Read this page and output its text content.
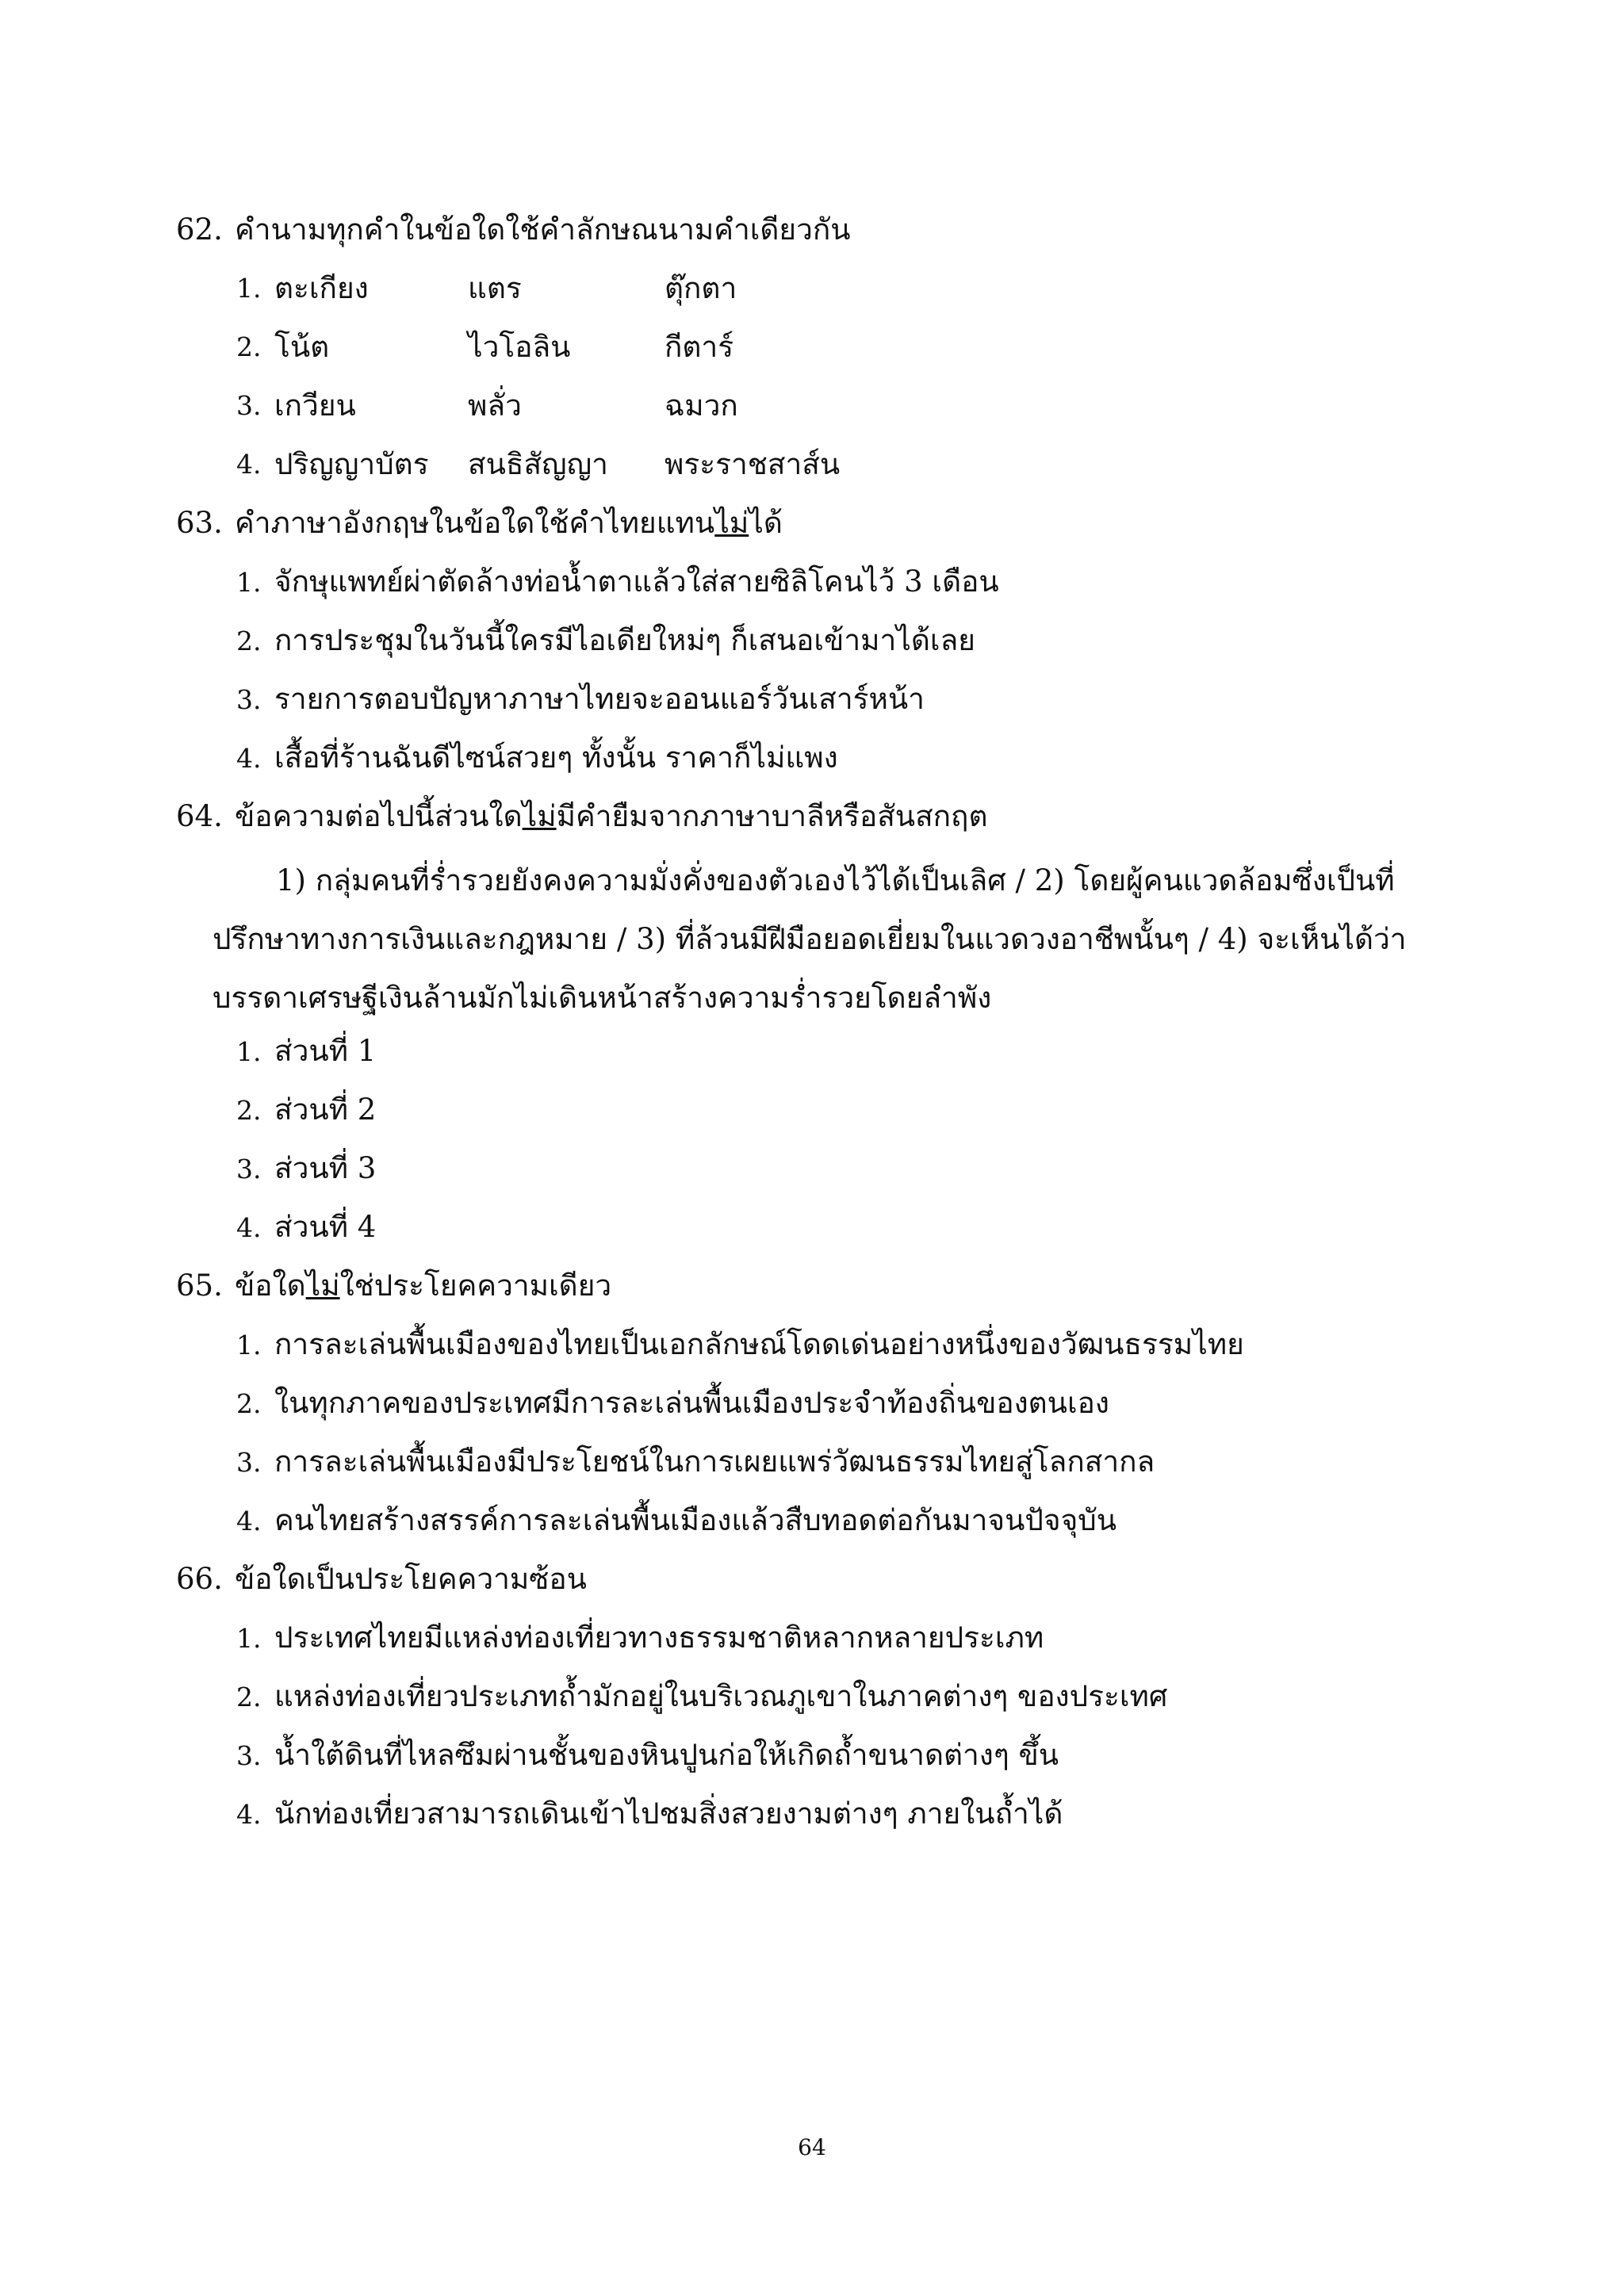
62. คำนามทุกคำในข้อใดใช้คำลักษณนามคำเดียวกัน
1. ตะเกียง	แตร	ตุ๊กตา
2. โน้ต	ไวโอลิน	กีตาร์
3. เกวียน	พลั่ว	ฉมวก
4. ปริญญาบัตร สนธิสัญญา พระราชสาส์น
63. คำภาษาอังกฤษในข้อใดใช้คำไทยแทนไม่ได้
1. จักษุแพทย์ผ่าตัดล้างท่อน้ำตาแล้วใส่สายซิลิโคนไว้ 3 เดือน
2. การประชุมในวันนี้ใครมีไอเดียใหม่ๆ ก็เสนอเข้ามาได้เลย
3. รายการตอบปัญหาภาษาไทยจะออนแอร์วันเสาร์หน้า
4. เสื้อที่ร้านฉันดีไซน์สวยๆ ทั้งนั้น ราคาก็ไม่แพง
64. ข้อความต่อไปนี้ส่วนใดไม่มีคำยืมจากภาษาบาลีหรือสันสกฤต
1) กลุ่มคนที่ร่ำรวยยังคงความมั่งคั่งของตัวเองไว้ได้เป็นเลิศ / 2) โดยผู้คนแวดล้อมซึ่งเป็นที่ปรึกษาทางการเงินและกฎหมาย / 3) ที่ล้วนมีฝีมือยอดเยี่ยมในแวดวงอาชีพนั้นๆ / 4) จะเห็นได้ว่าบรรดาเศรษฐีเงินล้านมักไม่เดินหน้าสร้างความร่ำรวยโดยลำพัง
1. ส่วนที่ 1
2. ส่วนที่ 2
3. ส่วนที่ 3
4. ส่วนที่ 4
65. ข้อใดไม่ใช่ประโยคความเดียว
1. การละเล่นพื้นเมืองของไทยเป็นเอกลักษณ์โดดเด่นอย่างหนึ่งของวัฒนธรรมไทย
2. ในทุกภาคของประเทศมีการละเล่นพื้นเมืองประจำท้องถิ่นของตนเอง
3. การละเล่นพื้นเมืองมีประโยชน์ในการเผยแพร่วัฒนธรรมไทยสู่โลกสากล
4. คนไทยสร้างสรรค์การละเล่นพื้นเมืองแล้วสืบทอดต่อกันมาจนปัจจุบัน
66. ข้อใดเป็นประโยคความซ้อน
1. ประเทศไทยมีแหล่งท่องเที่ยวทางธรรมชาติหลากหลายประเภท
2. แหล่งท่องเที่ยวประเภทถ้ำมักอยู่ในบริเวณภูเขาในภาคต่างๆ ของประเทศ
3. น้ำใต้ดินที่ไหลซึมผ่านชั้นของหินปูนก่อให้เกิดถ้ำขนาดต่างๆ ขึ้น
4. นักท่องเที่ยวสามารถเดินเข้าไปชมสิ่งสวยงามต่างๆ ภายในถ้ำได้
64
